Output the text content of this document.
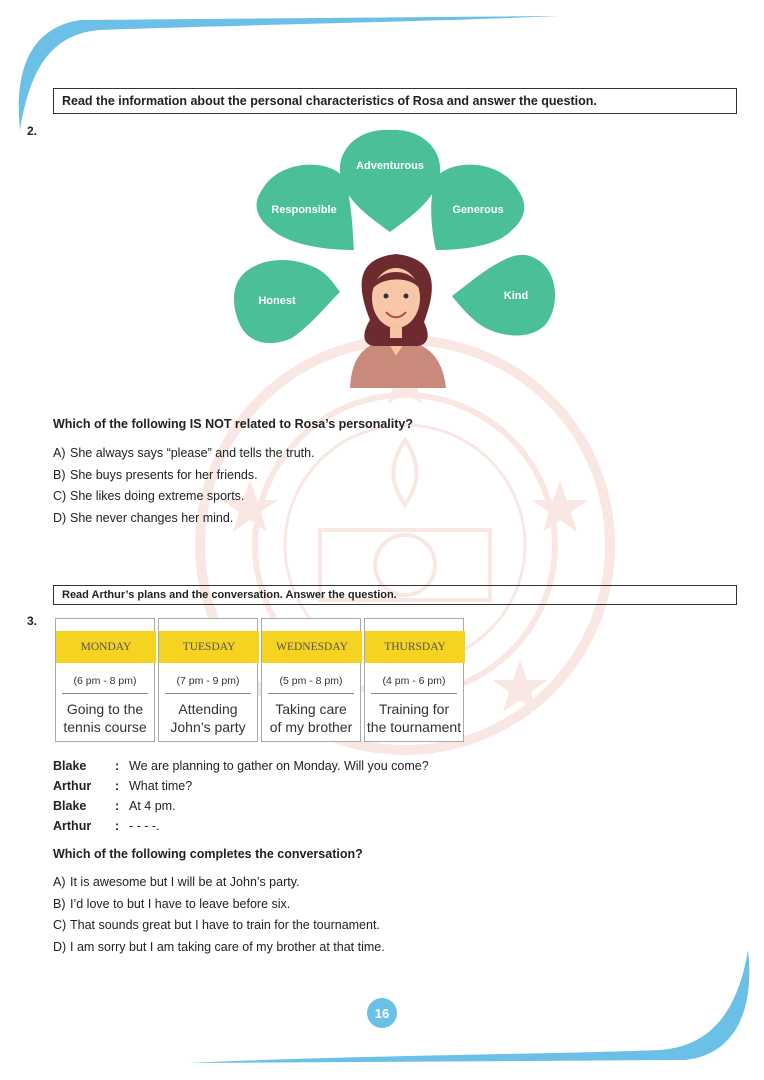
Read the information about the personal characteristics of Rosa and answer the question.
2.
Adventurous
Responsible	Generous
Honest	Kind
Which of the following IS NOT related to Rosa’s personality?
A) She always says “please” and tells the truth.
B) She buys presents for her friends.
C) She likes doing extreme sports.
D) She never changes her mind.
Read Arthur’s plans and the conversation. Answer the question.
3.
MONDAY
(6 pm - 8 pm)
Going to the
tennis course
TUESDAY
(7 pm - 9 pm)
Attending
John’s party
WEDNESDAY
(5 pm - 8 pm)
Taking care
of my brother
THURSDAY
(4 pm - 6 pm)
Training for
the tournament
Blake	: We are planning to gather on Monday. Will you come?
Arthur	: What time?
Blake	: At 4 pm.
Arthur	: - - - -.
Which of the following completes the conversation?
A) It is awesome but I will be at John’s party.
B) I’d love to but I have to leave before six.
C) That sounds great but I have to train for the tournament.
D) I am sorry but I am taking care of my brother at that time.
16
